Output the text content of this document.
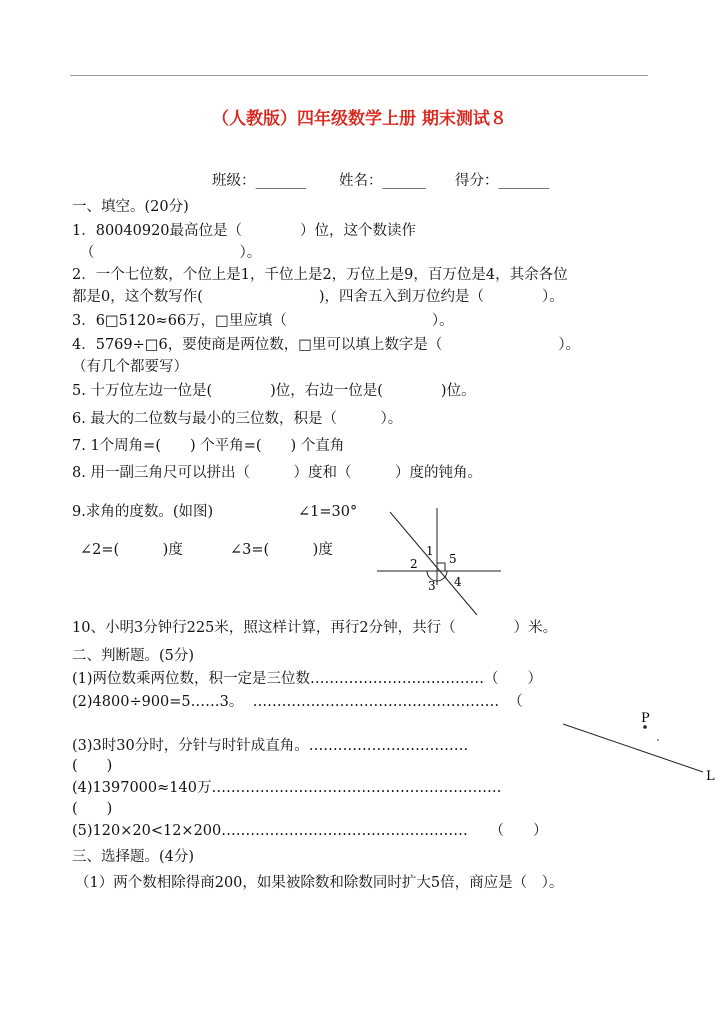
（人教版）四年级数学上册 期末测试８
班级：_______ 姓名：______ 得分：_______
一、填空。(20分)
1．80040920最高位是（　　　　）位，这个数读作
（　　　　　　　　　　）。
2．一个七位数，个位上是1，千位上是2，万位上是9，百万位是4，其余各位
都是0，这个数写作(　　　　　　　　)，四舍五入到万位约是（　　　　）。
3．6□5120≈66万，□里应填（　　　　　　　　　　）。
4．5769÷□6，要使商是两位数，□里可以填上数字是（　　　　　　　　）。
（有几个都要写）
5. 十万位左边一位是(　　　　)位，右边一位是(　　　　)位。
6. 最大的二位数与最小的三位数，积是（　　　）。
7. 1个周角=(　　) 个平角=(　　) 个直角
8. 用一副三角尺可以拼出（　　　）度和（　　　）度的钝角。
9.求角的度数。(如图)	∠1=30°
∠2=(　　　)度	∠3=(　　　)度	1
2
3 4
5
10、小明3分钟行225米，照这样计算，再行2分钟，共行（　　　　）米。
二、判断题。(5分)
(1)两位数乘两位数，积一定是三位数………………………………（　　）
(2)4800÷900=5……3。  ……………………………………………  （
(3)3时30分时，分针与时针成直角。……………………………
(　　)
(4)1397000≈140万……………………………………………………
(　　)
(5)120×20<12×200……………………………………………　　（　　）
P
L
三、选择题。(4分)
（1）两个数相除得商200，如果被除数和除数同时扩大5倍，商应是（　）。
